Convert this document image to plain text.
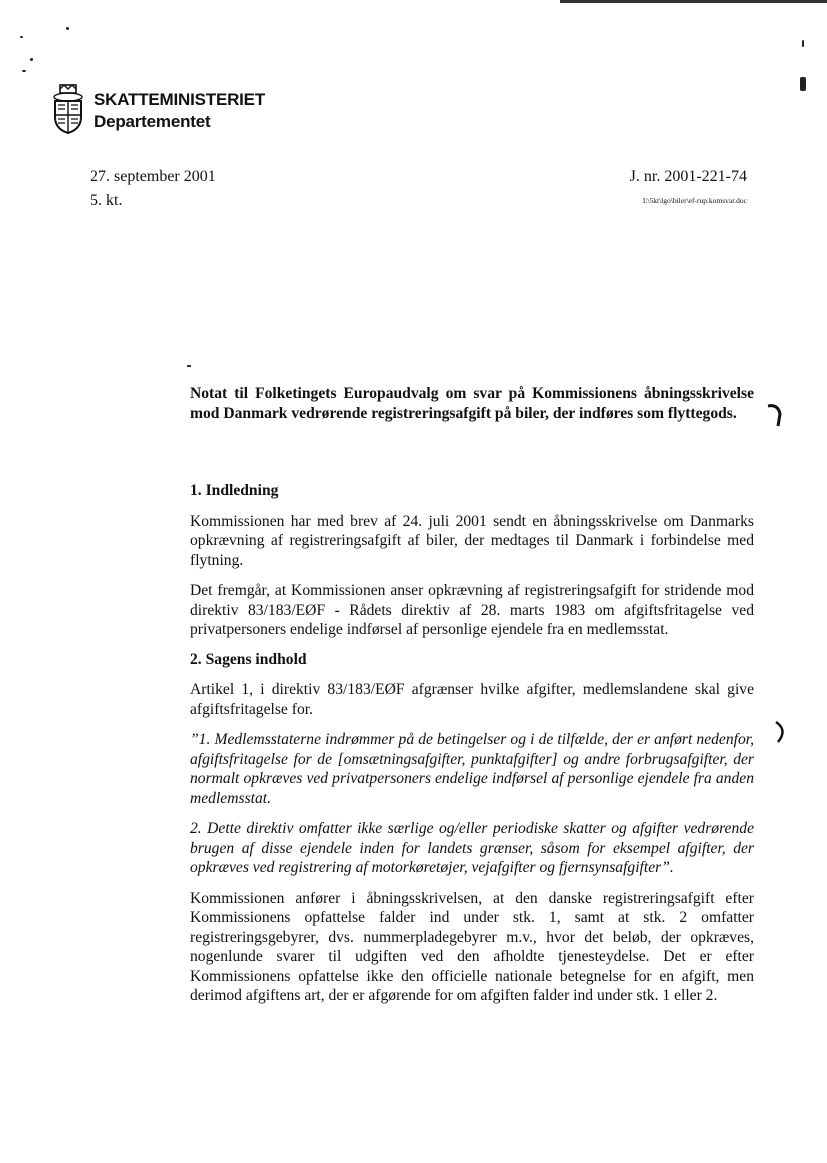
SKATTEMINISTERIET
Departementet
27. september 2001
5. kt.
J. nr. 2001-221-74
I:\5kt\lgo\biler\ef-rup.komsvar.doc

Notat til Folketingets Europaudvalg om svar på Kommissionens åbningsskrivelse mod Danmark vedrørende registreringsafgift på biler, der indføres som flyttegods.

1. Indledning

Kommissionen har med brev af 24. juli 2001 sendt en åbningsskrivelse om Danmarks opkrævning af registreringsafgift af biler, der medtages til Danmark i forbindelse med flytning.

Det fremgår, at Kommissionen anser opkrævning af registreringsafgift for stridende mod direktiv 83/183/EØF - Rådets direktiv af 28. marts 1983 om afgiftsfritagelse ved privatpersoners endelige indførsel af personlige ejendele fra en medlemsstat.

2. Sagens indhold

Artikel 1, i direktiv 83/183/EØF afgrænser hvilke afgifter, medlemslandene skal give afgiftsfritagelse for.

”1. Medlemsstaterne indrømmer på de betingelser og i de tilfælde, der er anført nedenfor, afgiftsfritagelse for de [omsætningsafgifter, punktafgifter] og andre forbrugsafgifter, der normalt opkræves ved privatpersoners endelige indførsel af personlige ejendele fra anden medlemsstat.

2. Dette direktiv omfatter ikke særlige og/eller periodiske skatter og afgifter vedrørende brugen af disse ejendele inden for landets grænser, såsom for eksempel afgifter, der opkræves ved registrering af motorkøretøjer, vejafgifter og fjernsynsafgifter”.

Kommissionen anfører i åbningsskrivelsen, at den danske registreringsafgift efter Kommissionens opfattelse falder ind under stk. 1, samt at stk. 2 omfatter registreringsgebyrer, dvs. nummerpladegebyrer m.v., hvor det beløb, der opkræves, nogenlunde svarer til udgiften ved den afholdte tjenesteydelse. Det er efter Kommissionens opfattelse ikke den officielle nationale betegnelse for en afgift, men derimod afgiftens art, der er afgørende for om afgiften falder ind under stk. 1 eller 2.
